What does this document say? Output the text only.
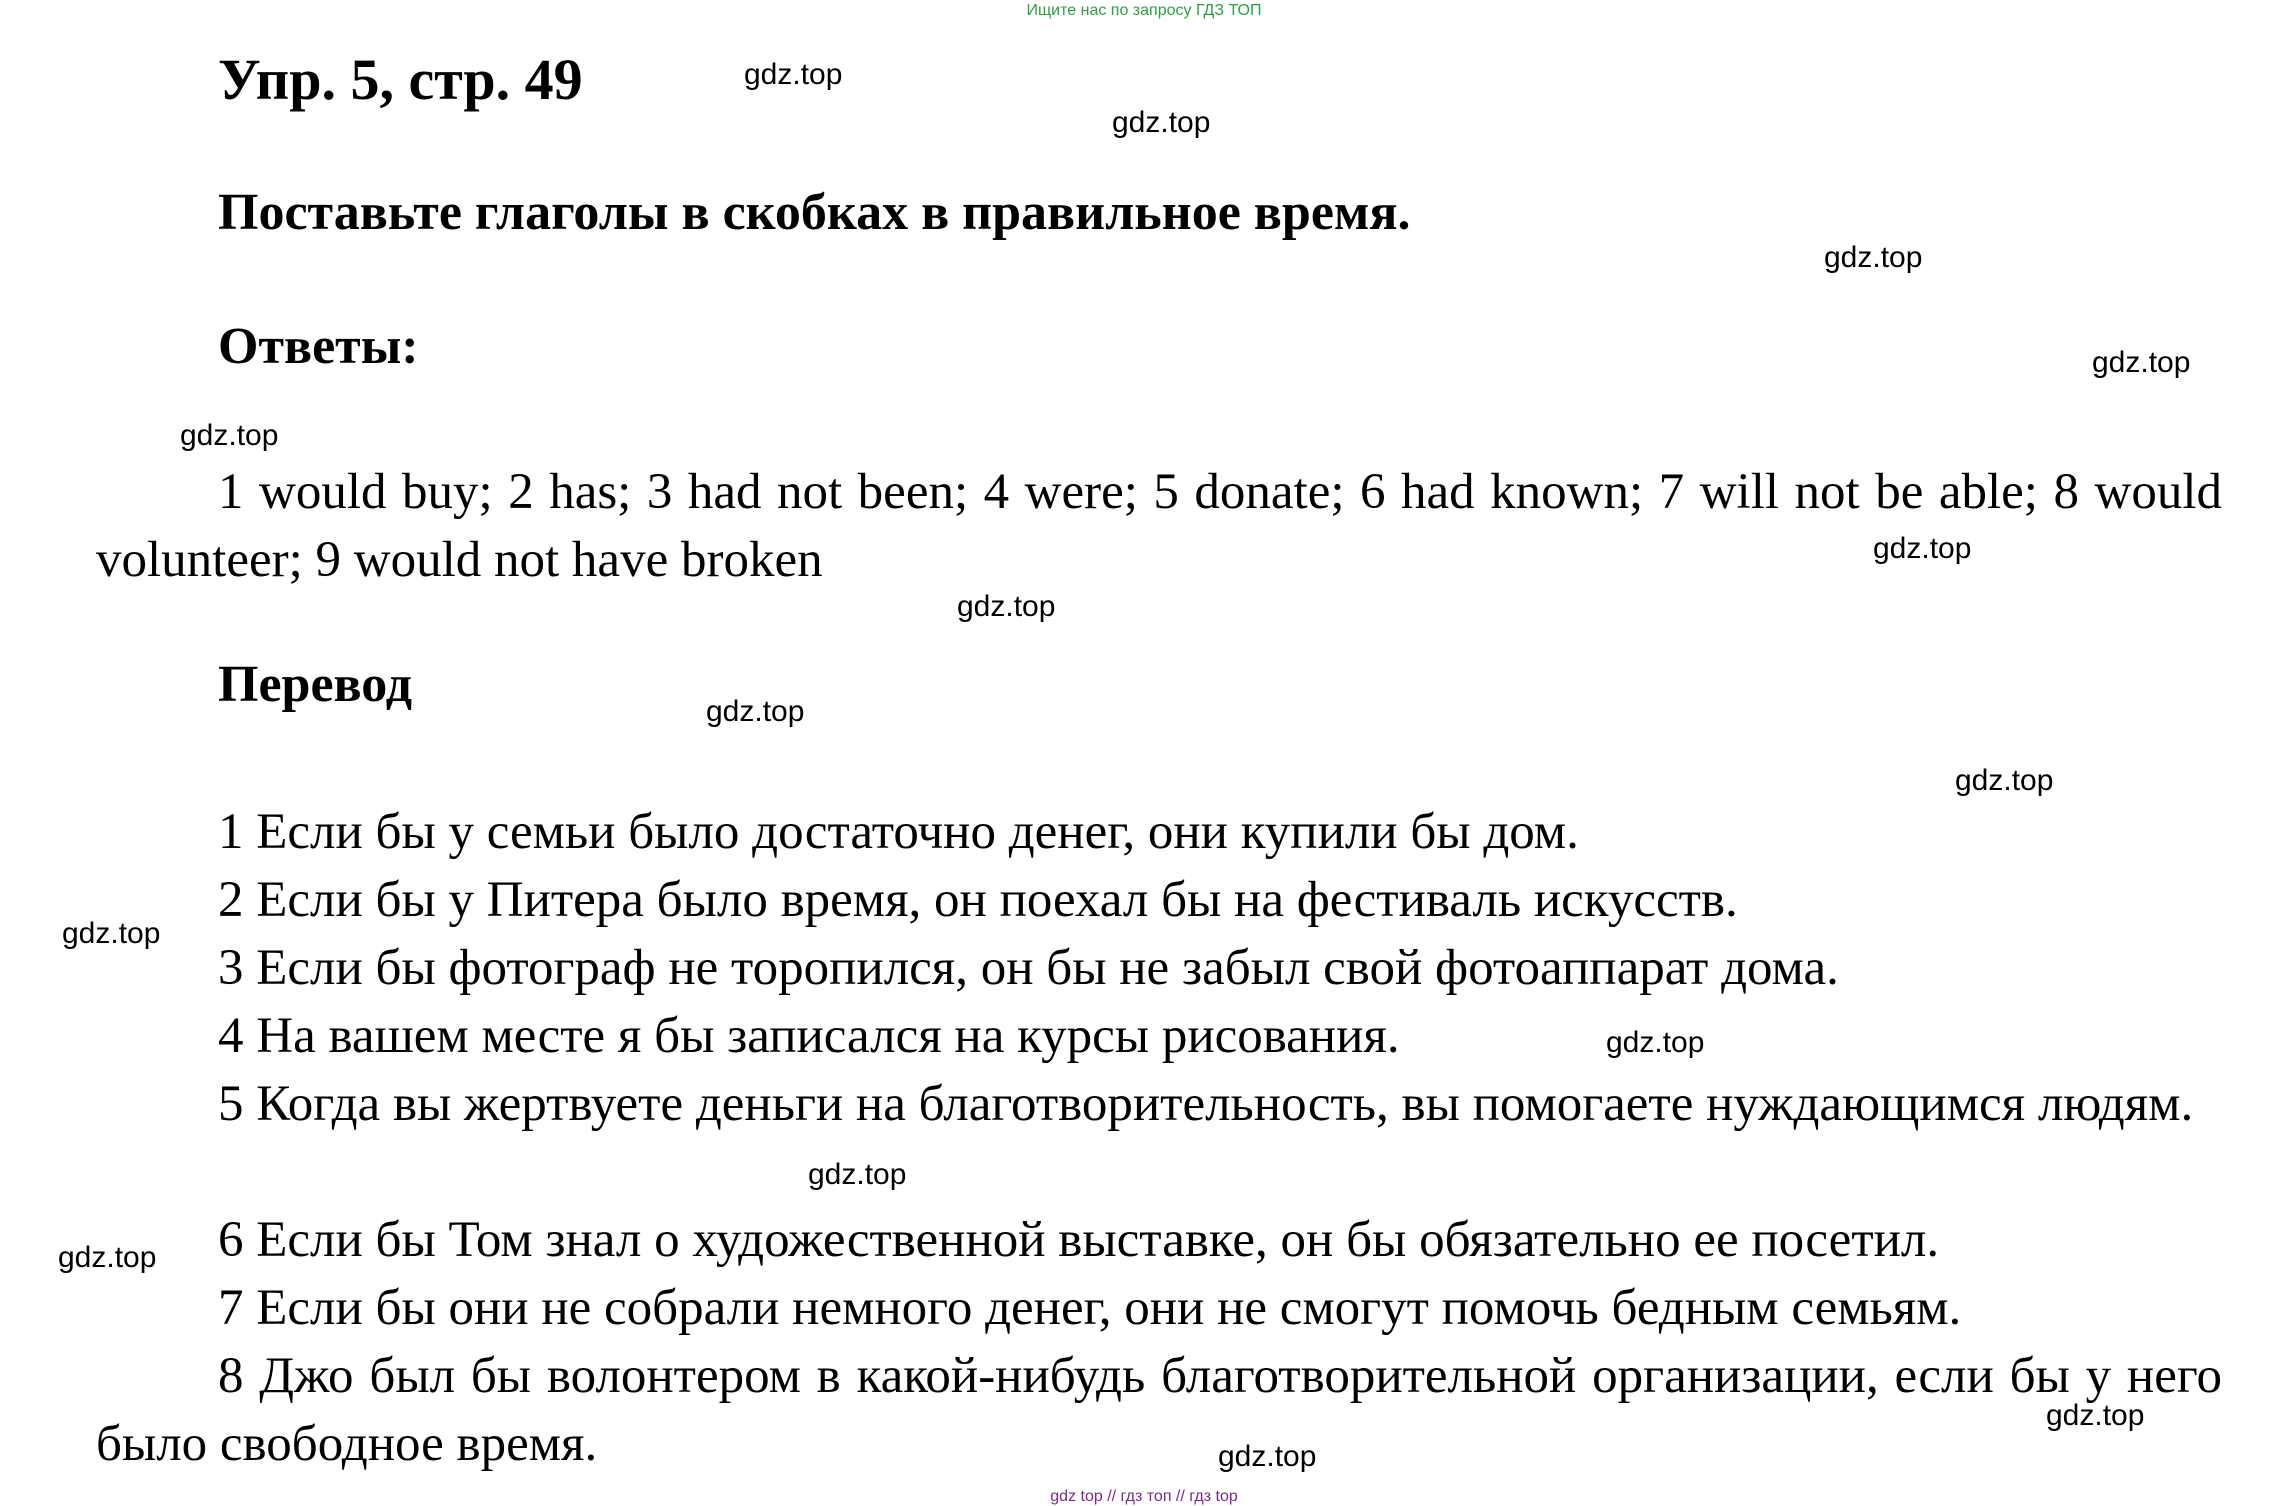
Ищите нас по запросу ГДЗ ТОП
Упр. 5, стр. 49
Поставьте глаголы в скобках в правильное время.
Ответы:
1 would buy; 2 has; 3 had not been; 4 were; 5 donate; 6 had known; 7 will not be able; 8 would volunteer; 9 would not have broken
Перевод
1 Если бы у семьи было достаточно денег, они купили бы дом.
2 Если бы у Питера было время, он поехал бы на фестиваль искусств.
3 Если бы фотограф не торопился, он бы не забыл свой фотоаппарат дома.
4 На вашем месте я бы записался на курсы рисования.
5 Когда вы жертвуете деньги на благотворительность, вы помогаете нуждающимся людям.
6 Если бы Том знал о художественной выставке, он бы обязательно ее посетил.
7 Если бы они не собрали немного денег, они не смогут помочь бедным семьям.
8 Джо был бы волонтером в какой-нибудь благотворительной организации, если бы у него было свободное время.
gdz.top
gdz.top
gdz.top
gdz.top
gdz.top
gdz.top
gdz.top
gdz.top
gdz.top
gdz.top
gdz.top
gdz.top
gdz.top
gdz.top
gdz.top
gdz top // гдз топ // гдз top
